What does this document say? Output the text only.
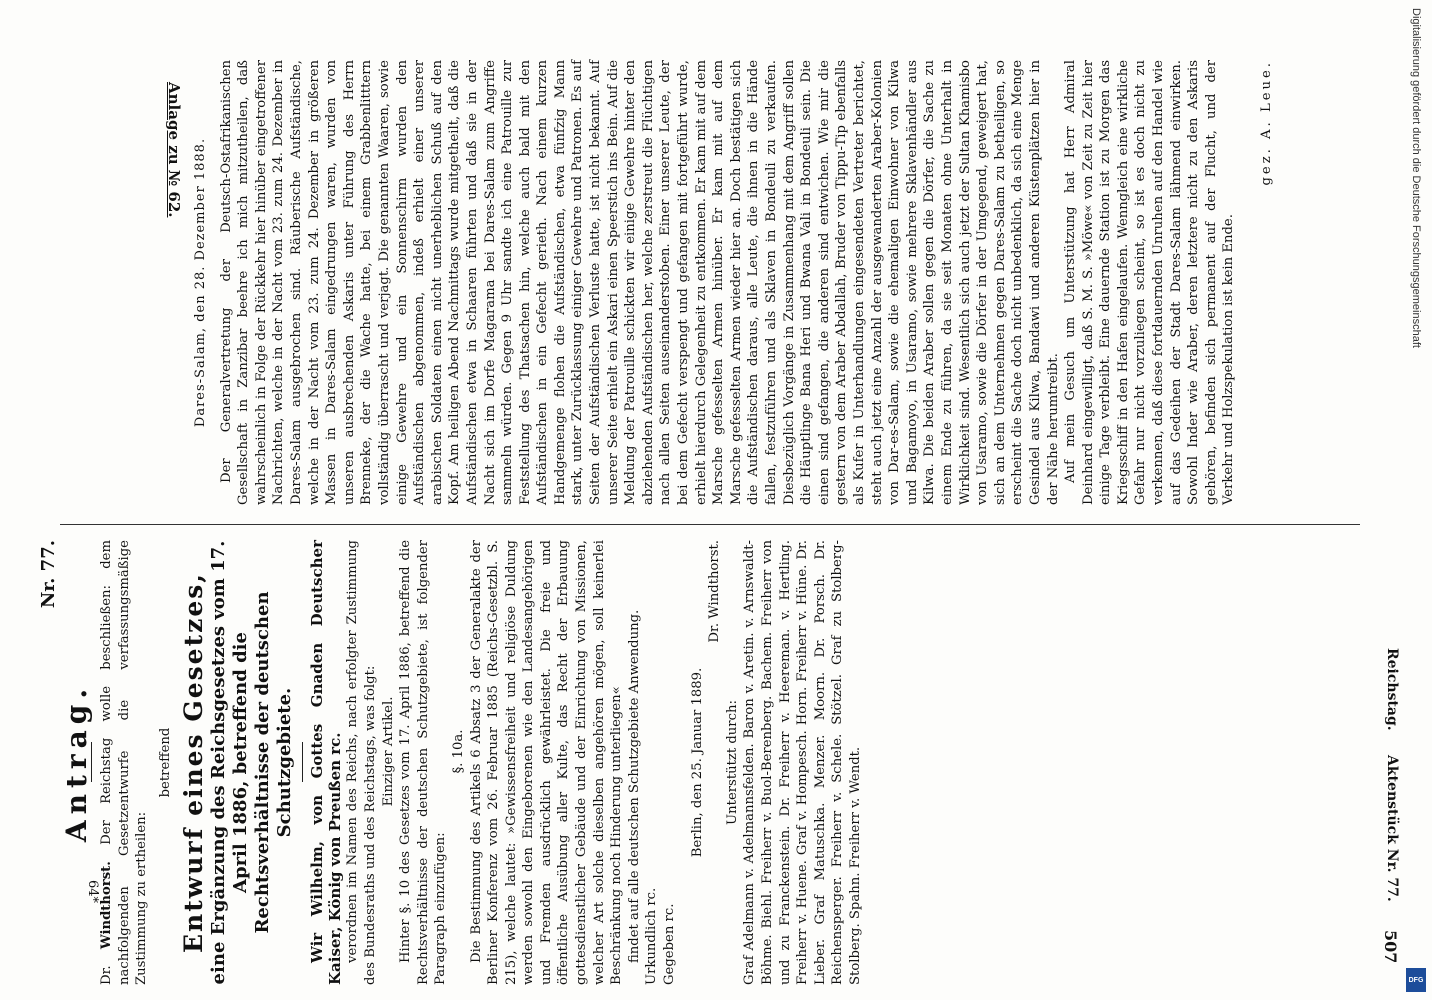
Reichstag.     Aktenstück Nr. 77.
507
Anlage zu № 62. Dares-Salam, den 28. Dezember 1888. Der Generalvertretung der Deutsch-Ostafrikanischen Gesellschaft in Zanzibar beehre ich mich mitzutheilen, daß wahrscheinlich in Folge der Rückkehr hier hinüber eingetroffener Nachrichten, welche in der Nacht vom 23. zum 24. Dezember in Dares-Salam ausgebrochen sind. Räuberische Aufständische, welche in der Nacht vom 23. zum 24. Dezember in größeren Massen in Dares-Salam eingedrungen waren, wurden von unseren ausbrechenden Askaris unter Führung des Herrn Brenneke, der die Wache hatte, bei einem Grabbenlitttern vollständig überrascht und verjagt. Die genannten Waaren, sowie einige Gewehre und ein Sonnenschirm wurden den Aufständischen abgenommen, indeß erhielt einer unserer arabischen Soldaten einen nicht unerheblichen Schuß auf den Kopf. Am heiligen Abend Nachmittags wurde mitgetheilt, daß die Aufständischen etwa in Schaaren führten und daß sie in der Nacht sich im Dorfe Magarama bei Dares-Salam zum Angriffe sammeln würden. Gegen 9 Uhr sandte ich eine Patrouille zur Feststellung des Thatsachen hin, welche auch bald mit den Aufständischen in ein Gefecht gerieth. Nach einem kurzen Handgemenge flohen die Aufständischen, etwa fünfzig Mann stark, unter Zurücklassung einiger Gewehre und Patronen. Es auf Seiten der Aufständischen Verluste hatte, ist nicht bekannt. Auf unserer Seite erhielt ein Askari einen Speerstich ins Bein. Auf die Meldung der Patrouille schickten wir einige Gewehre hinter den abziehenden Aufständischen her, welche zerstreut die Flüchtigen nach allen Seiten auseinanderstoben. Einer unserer Leute, der bei dem Gefecht verspengt und gefangen mit fortgeführt wurde, erhielt hierdurch Gelegenheit zu entkommen. Er kam mit auf dem Marsche gefesselten Armen hinüber. Er kam mit auf dem Marsche gefesselten Armen wieder hier an. Doch bestätigen sich die Aufständischen daraus, alle Leute, die ihnen in die Hände fallen, festzuführen und als Sklaven in Bondeuli zu verkaufen. Diesbezüglich Vorgänge in Zusammenhang mit dem Angriff sollen die Häuptlinge Bana Heri und Bwana Vali in Bondeuli sein. Die einen sind gefangen, die anderen sind entwichen. Wie mir die gestern von dem Araber Abdallah, Bruder von Tippu-Tip ebenfalls als Kufer in Unterhandlungen eingesendeten Vertreter berichtet, steht auch jetzt eine Anzahl der ausgewanderten Araber-Kolonien von Dar-es-Salam, sowie die ehemaligen Einwohner von Kilwa und Bagamoyo, in Usaramo, sowie mehrere Sklavenhändler aus Kilwa. Die beiden Araber sollen gegen die Dörfer, die Sache zu einem Ende zu führen, da sie seit Monaten ohne Unterhalt in Wirklichkeit sind. Wesentlich sich auch jetzt der Sultan Khamisbo von Usaramo, sowie die Dörfer in der Umgegend, geweigert hat, sich an dem Unternehmen gegen Dares-Salam zu betheiligen, so erscheint die Sache doch nicht unbedenklich, da sich eine Menge Gesindel aus Kilwa, Bandawi und anderen Küstenplätzen hier in der Nähe herumtreibt. Auf mein Gesuch um Unterstützung hat Herr Admiral Deinhard eingewilligt, daß S. M. S. »Möwe« von Zeit zu Zeit hier einige Tage verbleibt. Eine dauernde Station ist zu Morgen das Kriegsschiff in den Hafen eingelaufen. Wenngleich eine wirkliche Gefahr nur nicht vorzuliegen scheint, so ist es doch nicht zu verkennen, daß diese fortdauernden Unruhen auf den Handel wie auf das Gedeihen der Stadt Dares-Salam lähmend einwirken. Sowohl Inder wie Araber, deren letztere nicht zu den Askaris gehören, befinden sich permanent auf der Flucht, und der Verkehr und Holzspekulation ist kein Ende.

gez. A. Leue.
Nr. 77.
Antrag.

Dr. Windthorst. Der Reichstag wolle beschließen: dem nachfolgenden Gesetzentwurfe die verfassungsmäßige Zustimmung zu ertheilen:

betreffend Entwurf eines Gesetzes, eine Ergänzung des Reichsgesetzes vom 17. April 1886, betreffend die Rechtsverhältnisse der deutschen Schutzgebiete. Wir Wilhelm, von Gottes Gnaden Deutscher Kaiser, König von Preußen rc. verordnen im Namen des Reichs, nach erfolgter Zustimmung des Bundesraths und des Reichstags, was folgt: Einziger Artikel. Hinter §. 10 des Gesetzes vom 17. April 1886, betreffend die Rechtsverhältnisse der deutschen Schutzgebiete, ist folgender Paragraph einzufügen:

§. 10a. Die Bestimmung des Artikels 6 Absatz 3 der Generalakte der Berliner Konferenz vom 26. Februar 1885 (Reichs-Gesetzbl. S. 215), welche lautet: »Gewissensfreiheit und religiöse Duldung werden sowohl den Eingeborenen wie den Landesangehörigen und Fremden ausdrücklich gewährleistet. Die freie und öffentliche Ausübung aller Kulte, das Recht der Erbauung gottesdienstlicher Gebäude und der Einrichtung von Missionen, welcher Art solche dieselben angehören mögen, soll keinerlei Beschränkung noch Hinderung unterliegen« findet auf alle deutschen Schutzgebiete Anwendung. Urkundlich rc. Gegeben rc.

Berlin, den 25. Januar 1889.

Dr. Windthorst.

Unterstützt durch: Graf Adelmann v. Adelmannsfelden. Baron v. Aretin. v. Arnswaldt-Böhme. Biehl. Freiherr v. Buol-Berenberg. Bachem. Freiherr von und zu Franckenstein. Dr. Freiherr v. Heereman. v. Hertling. Freiherr v. Huene. Graf v. Hompesch. Horn. Freiherr v. Hüne. Dr. Lieber. Graf Matuschka. Menzer. Moorn. Dr. Porsch. Dr. Reichensperger. Freiherr v. Schele. Stötzel. Graf zu Stolberg-Stolberg. Spahn. Freiherr v. Wendt.

64*
Digitalisierung gefördert durch die Deutsche Forschungsgemeinschaft
DFG
